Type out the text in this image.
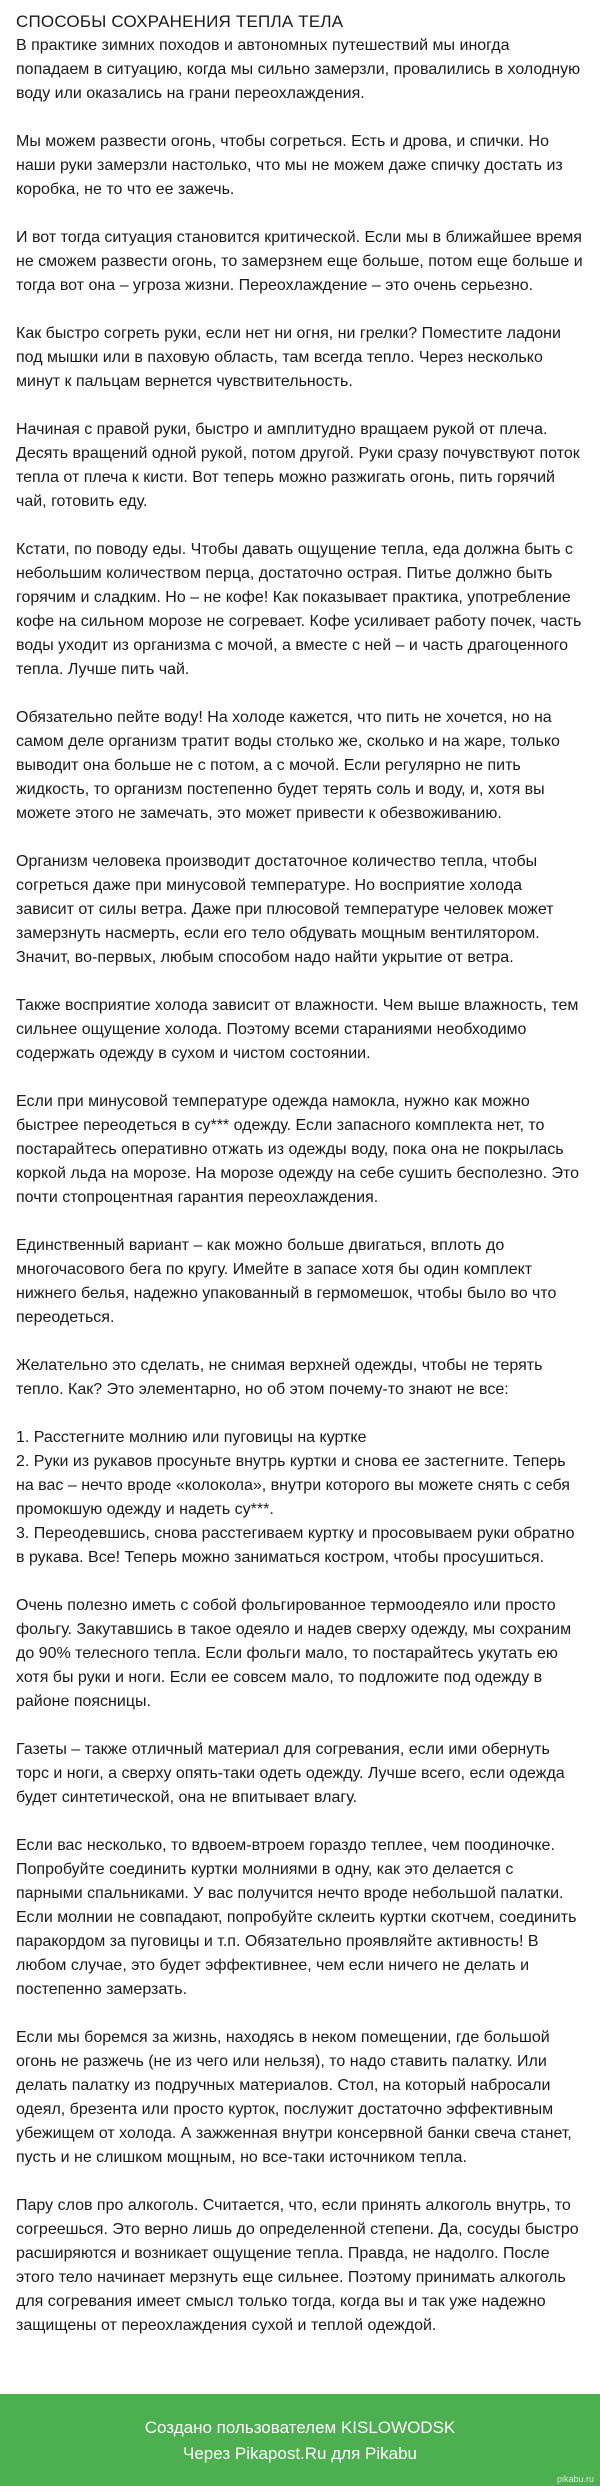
СПОСОБЫ СОХРАНЕНИЯ ТЕПЛА ТЕЛА

В практике зимних походов и автономных путешествий мы иногда попадаем в ситуацию, когда мы сильно замерзли, провалились в холодную воду или оказались на грани переохлаждения.

Мы можем развести огонь, чтобы согреться. Есть и дрова, и спички. Но наши руки замерзли настолько, что мы не можем даже спичку достать из коробка, не то что ее зажечь.

И вот тогда ситуация становится критической. Если мы в ближайшее время не сможем развести огонь, то замерзнем еще больше, потом еще больше и тогда вот она – угроза жизни. Переохлаждение – это очень серьезно.

Как быстро согреть руки, если нет ни огня, ни грелки? Поместите ладони под мышки или в паховую область, там всегда тепло. Через несколько минут к пальцам вернется чувствительность.

Начиная с правой руки, быстро и амплитудно вращаем рукой от плеча. Десять вращений одной рукой, потом другой. Руки сразу почувствуют поток тепла от плеча к кисти. Вот теперь можно разжигать огонь, пить горячий чай, готовить еду.

Кстати, по поводу еды. Чтобы давать ощущение тепла, еда должна быть с небольшим количеством перца, достаточно острая. Питье должно быть горячим и сладким. Но – не кофе! Как показывает практика, употребление кофе на сильном морозе не согревает. Кофе усиливает работу почек, часть воды уходит из организма с мочой, а вместе с ней – и часть драгоценного тепла. Лучше пить чай.

Обязательно пейте воду! На холоде кажется, что пить не хочется, но на самом деле организм тратит воды столько же, сколько и на жаре, только выводит она больше не с потом, а с мочой. Если регулярно не пить жидкость, то организм постепенно будет терять соль и воду, и, хотя вы можете этого не замечать, это может привести к обезвоживанию.

Организм человека производит достаточное количество тепла, чтобы согреться даже при минусовой температуре. Но восприятие холода зависит от силы ветра. Даже при плюсовой температуре человек может замерзнуть насмерть, если его тело обдувать мощным вентилятором. Значит, во-первых, любым способом надо найти укрытие от ветра.

Также восприятие холода зависит от влажности. Чем выше влажность, тем сильнее ощущение холода. Поэтому всеми стараниями необходимо содержать одежду в сухом и чистом состоянии.

Если при минусовой температуре одежда намокла, нужно как можно быстрее переодеться в су*** одежду. Если запасного комплекта нет, то постарайтесь оперативно отжать из одежды воду, пока она не покрылась коркой льда на морозе. На морозе одежду на себе сушить бесполезно. Это почти стопроцентная гарантия переохлаждения.

Единственный вариант – как можно больше двигаться, вплоть до многочасового бега по кругу. Имейте в запасе хотя бы один комплект нижнего белья, надежно упакованный в гермомешок, чтобы было во что переодеться.

Желательно это сделать, не снимая верхней одежды, чтобы не терять тепло. Как? Это элементарно, но об этом почему-то знают не все:

1. Расстегните молнию или пуговицы на куртке
2. Руки из рукавов просуньте внутрь куртки и снова ее застегните. Теперь на вас – нечто вроде «колокола», внутри которого вы можете снять с себя промокшую одежду и надеть су***.
3. Переодевшись, снова расстегиваем куртку и просовываем руки обратно в рукава. Все! Теперь можно заниматься костром, чтобы просушиться.

Очень полезно иметь с собой фольгированное термоодеяло или просто фольгу. Закутавшись в такое одеяло и надев сверху одежду, мы сохраним до 90% телесного тепла. Если фольги мало, то постарайтесь укутать ею хотя бы руки и ноги. Если ее совсем мало, то подложите под одежду в районе поясницы.

Газеты – также отличный материал для согревания, если ими обернуть торс и ноги, а сверху опять-таки одеть одежду. Лучше всего, если одежда будет синтетической, она не впитывает влагу.

Если вас несколько, то вдвоем-втроем гораздо теплее, чем поодиночке. Попробуйте соединить куртки молниями в одну, как это делается с парными спальниками. У вас получится нечто вроде небольшой палатки. Если молнии не совпадают, попробуйте склеить куртки скотчем, соединить паракордом за пуговицы и т.п. Обязательно проявляйте активность! В любом случае, это будет эффективнее, чем если ничего не делать и постепенно замерзать.

Если мы боремся за жизнь, находясь в неком помещении, где большой огонь не разжечь (не из чего или нельзя), то надо ставить палатку. Или делать палатку из подручных материалов. Стол, на который набросали одеял, брезента или просто курток, послужит достаточно эффективным убежищем от холода. А зажженная внутри консервной банки свеча станет, пусть и не слишком мощным, но все-таки источником тепла.

Пару слов про алкоголь. Считается, что, если принять алкоголь внутрь, то согреешься. Это верно лишь до определенной степени. Да, сосуды быстро расширяются и возникает ощущение тепла. Правда, не надолго. После этого тело начинает мерзнуть еще сильнее. Поэтому принимать алкоголь для согревания имеет смысл только тогда, когда вы и так уже надежно защищены от переохлаждения сухой и теплой одеждой.

Создано пользователем KISLOWODSK
Через Pikapost.Ru для Pikabu
pikabu.ru
